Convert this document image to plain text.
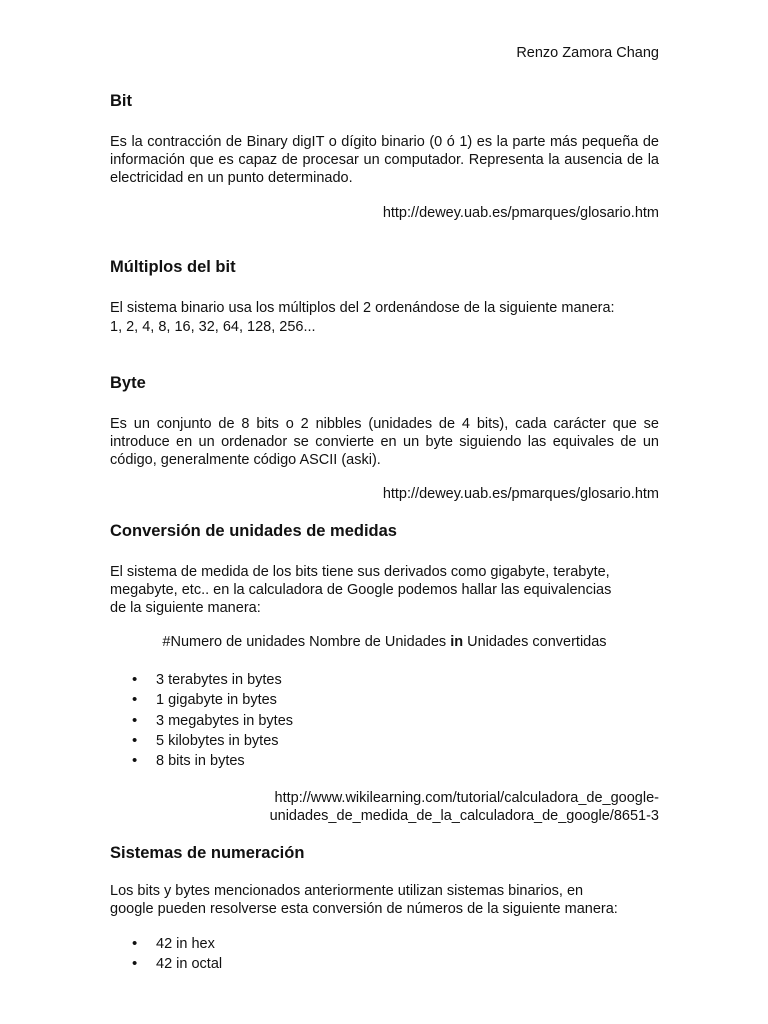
Renzo Zamora Chang
Bit

Es la contracción de Binary digIT o dígito binario (0 ó 1) es la parte más pequeña de información que es capaz de procesar un computador. Representa la ausencia de la electricidad en un punto determinado.

http://dewey.uab.es/pmarques/glosario.htm

Múltiplos del bit

El sistema binario usa los múltiplos del 2 ordenándose de la siguiente manera:

1, 2, 4, 8, 16, 32, 64, 128, 256...

Byte

Es un conjunto de 8 bits o 2 nibbles (unidades de 4 bits), cada carácter que se introduce en un ordenador se convierte en un byte siguiendo las equivales de un código, generalmente código ASCII (aski).

http://dewey.uab.es/pmarques/glosario.htm

Conversión de unidades de medidas

El sistema de medida de los bits tiene sus derivados como gigabyte, terabyte,

megabyte, etc.. en la calculadora de Google podemos hallar las equivalencias

de la siguiente manera:

#Numero de unidades Nombre de Unidades in Unidades convertidas

• 3 terabytes in bytes
• 1 gigabyte in bytes
• 3 megabytes in bytes
• 5 kilobytes in bytes
• 8 bits in bytes

http://www.wikilearning.com/tutorial/calculadora_de_google-

unidades_de_medida_de_la_calculadora_de_google/8651-3

Sistemas de numeración

Los bits y bytes mencionados anteriormente utilizan sistemas binarios, en

google pueden resolverse esta conversión de números de la siguiente manera:

• 42 in hex
• 42 in octal
